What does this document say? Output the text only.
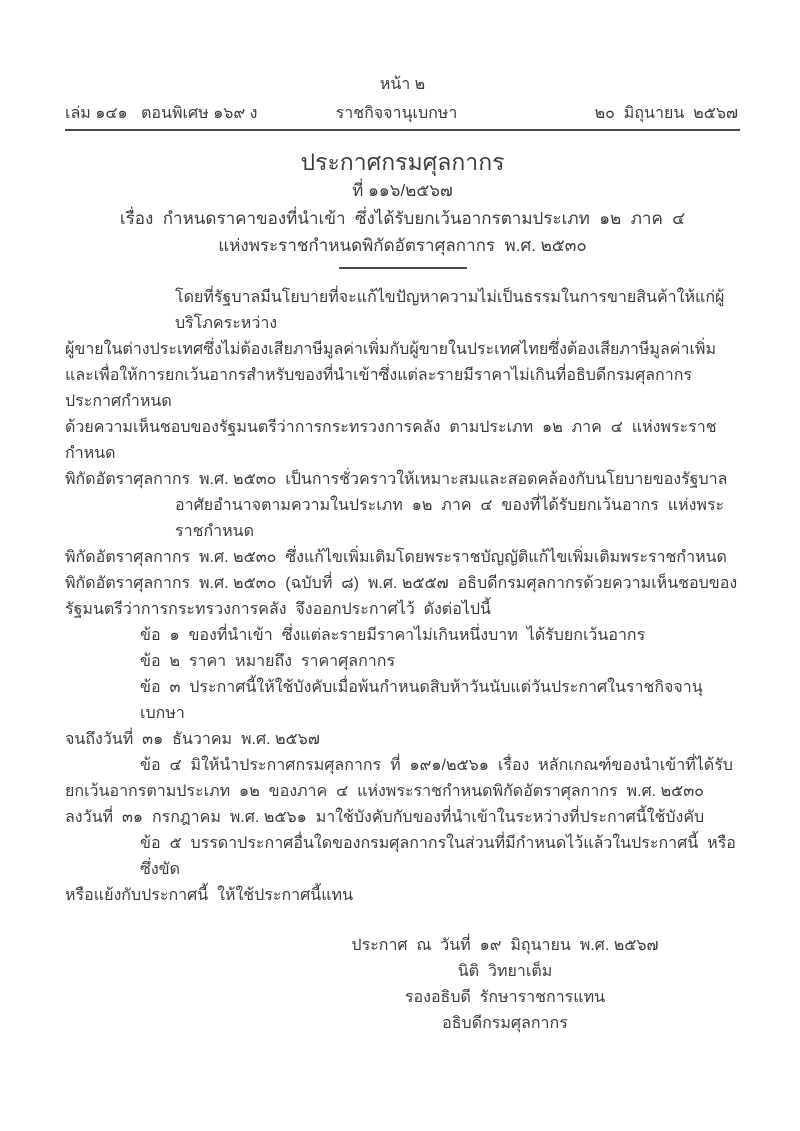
หน้า ๒
ราชกิจจานุเบกษา
เล่ม ๑๔๑   ตอนพิเศษ ๑๖๙ ง	๒๐  มิถุนายน  ๒๕๖๗
ประกาศกรมศุลกากร
ที่ ๑๑๖/๒๕๖๗
เรื่อง  กำหนดราคาของที่นำเข้า  ซึ่งได้รับยกเว้นอากรตามประเภท  ๑๒  ภาค  ๔
แห่งพระราชกำหนดพิกัดอัตราศุลกากร  พ.ศ. ๒๕๓๐
โดยที่รัฐบาลมีนโยบายที่จะแก้ไขปัญหาความไม่เป็นธรรมในการขายสินค้าให้แก่ผู้บริโภคระหว่าง
ผู้ขายในต่างประเทศซึ่งไม่ต้องเสียภาษีมูลค่าเพิ่มกับผู้ขายในประเทศไทยซึ่งต้องเสียภาษีมูลค่าเพิ่ม
และเพื่อให้การยกเว้นอากรสำหรับของที่นำเข้าซึ่งแต่ละรายมีราคาไม่เกินที่อธิบดีกรมศุลกากรประกาศกำหนด
ด้วยความเห็นชอบของรัฐมนตรีว่าการกระทรวงการคลัง  ตามประเภท  ๑๒  ภาค  ๔  แห่งพระราชกำหนด
พิกัดอัตราศุลกากร  พ.ศ. ๒๕๓๐  เป็นการชั่วคราวให้เหมาะสมและสอดคล้องกับนโยบายของรัฐบาล
อาศัยอำนาจตามความในประเภท  ๑๒  ภาค  ๔  ของที่ได้รับยกเว้นอากร  แห่งพระราชกำหนด
พิกัดอัตราศุลกากร  พ.ศ. ๒๕๓๐  ซึ่งแก้ไขเพิ่มเติมโดยพระราชบัญญัติแก้ไขเพิ่มเติมพระราชกำหนด
พิกัดอัตราศุลกากร  พ.ศ. ๒๕๓๐  (ฉบับที่  ๘)  พ.ศ. ๒๕๕๗  อธิบดีกรมศุลกากรด้วยความเห็นชอบของ
รัฐมนตรีว่าการกระทรวงการคลัง  จึงออกประกาศไว้  ดังต่อไปนี้
ข้อ  ๑  ของที่นำเข้า  ซึ่งแต่ละรายมีราคาไม่เกินหนึ่งบาท  ได้รับยกเว้นอากร
ข้อ  ๒  ราคา  หมายถึง  ราคาศุลกากร
ข้อ  ๓  ประกาศนี้ให้ใช้บังคับเมื่อพ้นกำหนดสิบห้าวันนับแต่วันประกาศในราชกิจจานุเบกษา
จนถึงวันที่  ๓๑  ธันวาคม  พ.ศ. ๒๕๖๗
ข้อ  ๔  มิให้นำประกาศกรมศุลกากร  ที่  ๑๙๑/๒๕๖๑  เรื่อง  หลักเกณฑ์ของนำเข้าที่ได้รับ
ยกเว้นอากรตามประเภท  ๑๒  ของภาค  ๔  แห่งพระราชกำหนดพิกัดอัตราศุลกากร  พ.ศ. ๒๕๓๐
ลงวันที่  ๓๑  กรกฎาคม  พ.ศ. ๒๕๖๑  มาใช้บังคับกับของที่นำเข้าในระหว่างที่ประกาศนี้ใช้บังคับ
ข้อ  ๕  บรรดาประกาศอื่นใดของกรมศุลกากรในส่วนที่มีกำหนดไว้แล้วในประกาศนี้  หรือซึ่งขัด
หรือแย้งกับประกาศนี้  ให้ใช้ประกาศนี้แทน
ประกาศ  ณ  วันที่  ๑๙  มิถุนายน  พ.ศ. ๒๕๖๗
นิติ  วิทยาเต็ม
รองอธิบดี  รักษาราชการแทน
อธิบดีกรมศุลกากร
